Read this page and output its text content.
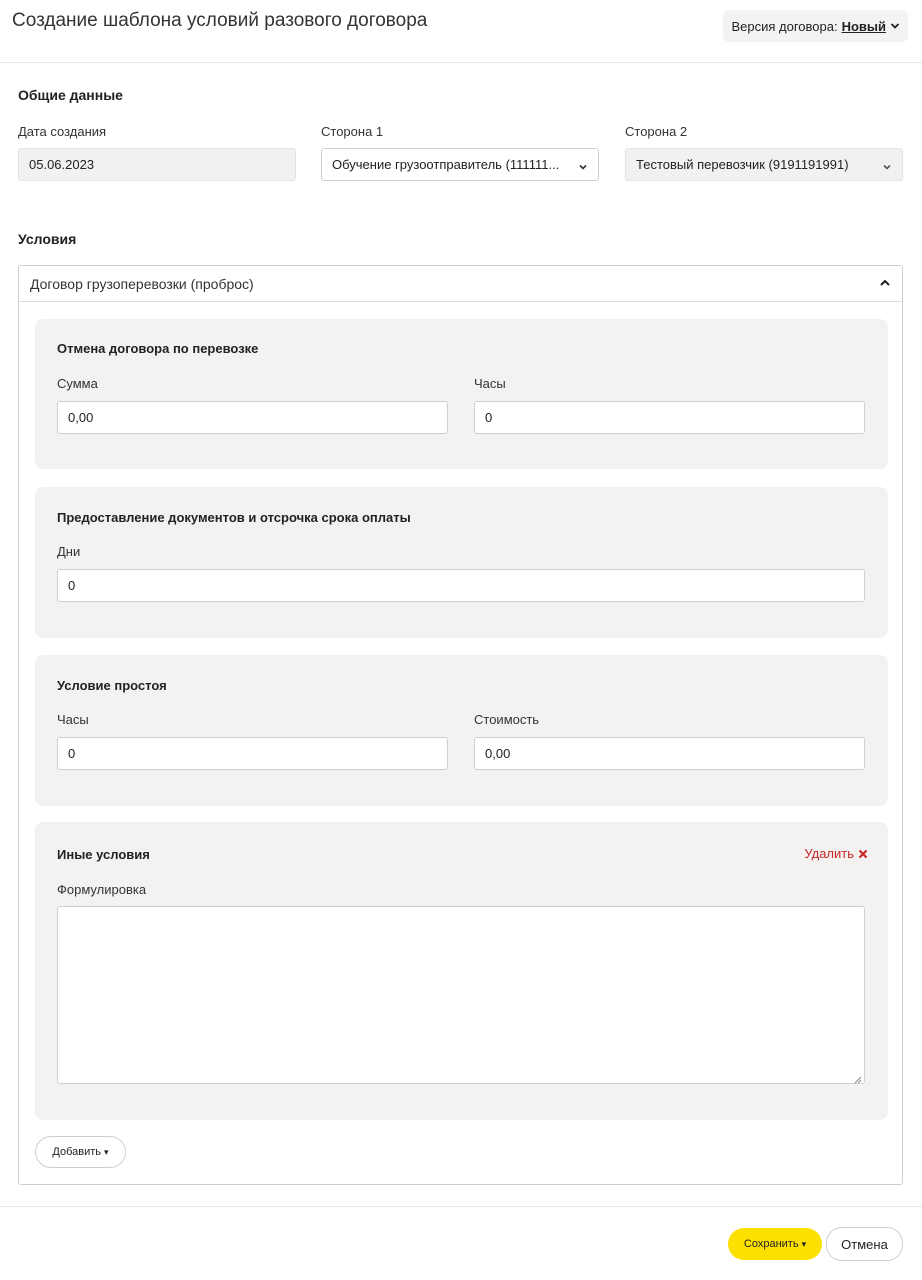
Создание шаблона условий разового договора	Версия договора: Новый
Общие данные
Дата создания
05.06.2023
Сторона 1
Обучение грузоотправитель (111111...
Сторона 2
Тестовый перевозчик (9191191991)
Условия
Договор грузоперевозки (проброс)
Отмена договора по перевозке
Сумма
0,00
Часы
0
Предоставление документов и отсрочка срока оплаты
Дни
0
Условие простоя
Часы
0
Стоимость
0,00
Иные условия	Удалить
Формулировка
Добавить ▾
Сохранить ▾	Отмена
